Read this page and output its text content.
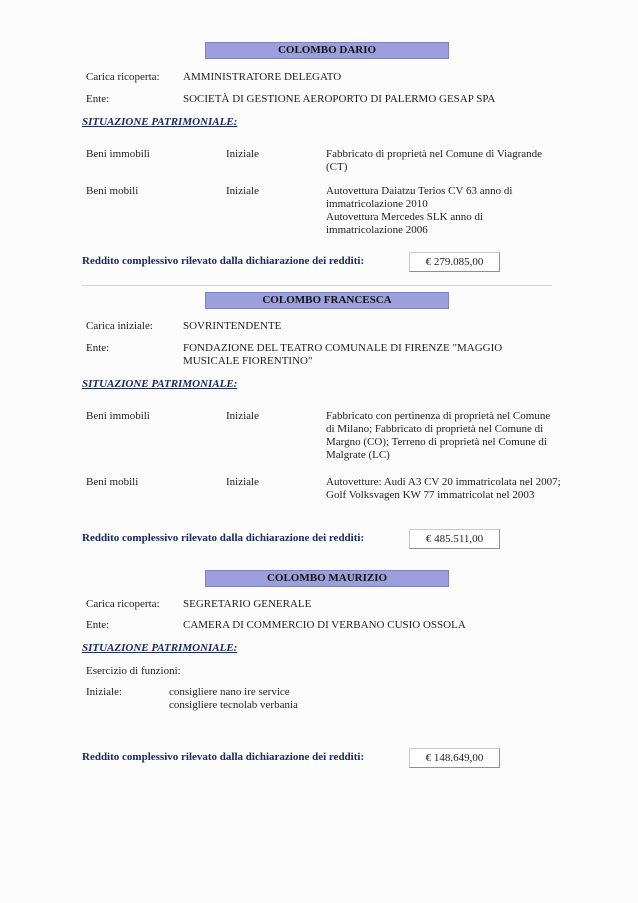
COLOMBO DARIO
Carica ricoperta: AMMINISTRATORE DELEGATO
Ente:	SOCIETÀ DI GESTIONE AEROPORTO DI PALERMO GESAP SPA
SITUAZIONE PATRIMONIALE:
Beni immobili	Iniziale	Fabbricato di proprietà nel Comune di Viagrande (CT)
Beni mobili	Iniziale	Autovettura Daiatzu Terios CV 63 anno di immatricolazione 2010
Autovettura Mercedes SLK anno di immatricolazione 2006
Reddito complessivo rilevato dalla dichiarazione dei redditi:	€ 279.085,00
COLOMBO FRANCESCA
Carica iniziale:	SOVRINTENDENTE
Ente:	FONDAZIONE DEL TEATRO COMUNALE DI FIRENZE "MAGGIO MUSICALE FIORENTINO"
SITUAZIONE PATRIMONIALE:
Beni immobili	Iniziale	Fabbricato con pertinenza di proprietà nel Comune di Milano; Fabbricato di proprietà nel Comune di Margno (CO); Terreno di proprietà nel Comune di Malgrate (LC)
Beni mobili	Iniziale	Autovetture: Audi A3 CV 20 immatricolata nel 2007; Golf Volksvagen KW 77 immatricolat nel 2003
Reddito complessivo rilevato dalla dichiarazione dei redditi:	€ 485.511,00
COLOMBO MAURIZIO
Carica ricoperta: SEGRETARIO GENERALE
Ente:	CAMERA DI COMMERCIO DI VERBANO CUSIO OSSOLA
SITUAZIONE PATRIMONIALE:
Esercizio di funzioni:
Iniziale:	consigliere nano ire service
consigliere tecnolab verbania
Reddito complessivo rilevato dalla dichiarazione dei redditi:	€ 148.649,00
